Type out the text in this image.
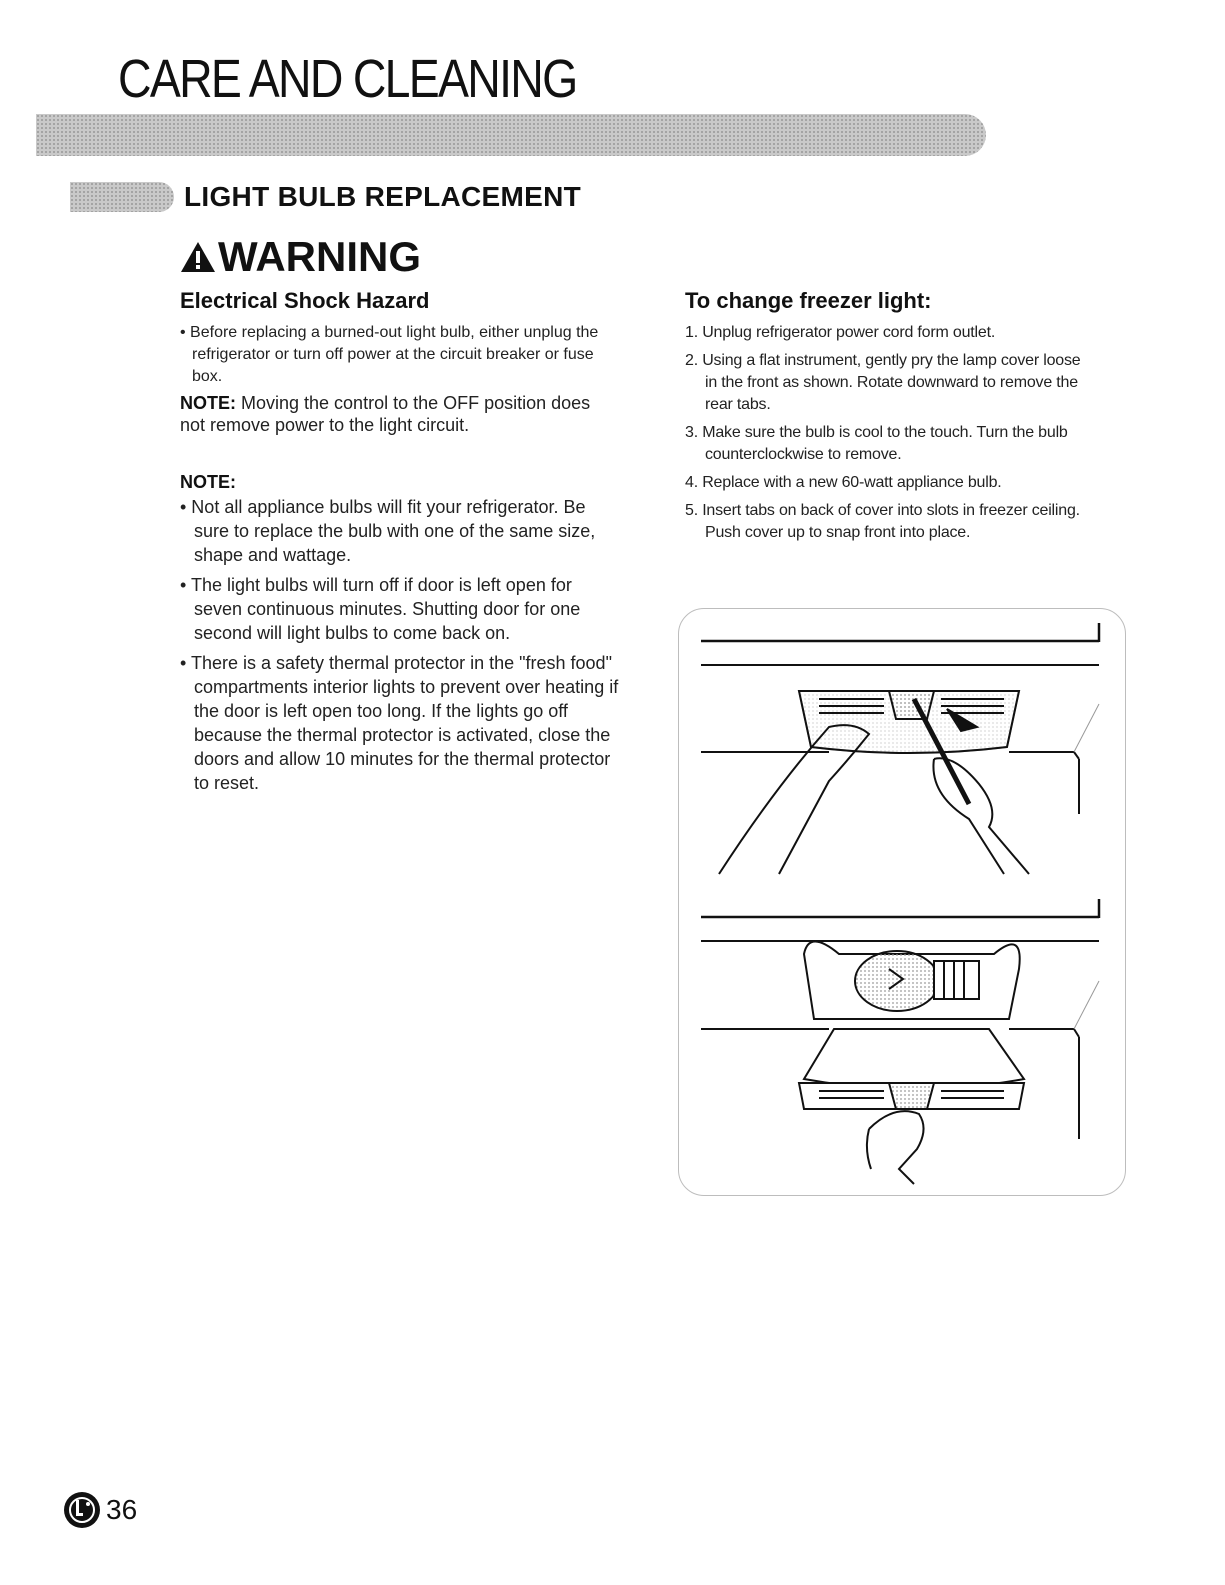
CARE AND CLEANING
LIGHT BULB REPLACEMENT
WARNING
Electrical Shock Hazard

• Before replacing a burned-out light bulb, either unplug the refrigerator or turn off power at the circuit breaker or fuse box.

NOTE: Moving the control to the OFF position does not remove power to the light circuit.

NOTE:

• Not all appliance bulbs will fit your refrigerator. Be sure to replace the bulb with one of the same size, shape and wattage.

• The light bulbs will turn off if door is left open for seven continuous minutes. Shutting door for one second will light bulbs to come back on.

• There is a safety thermal protector in the "fresh food" compartments interior lights to prevent over heating if the door is left open too long. If the lights go off because the thermal protector is activated, close the doors and allow 10 minutes for the thermal protector to reset.

To change freezer light:

1. Unplug refrigerator power cord form outlet.

2. Using a flat instrument, gently pry the lamp cover loose in the front as shown. Rotate downward to remove the rear tabs.

3. Make sure the bulb is cool to the touch. Turn the bulb counterclockwise to remove.

4. Replace with a new 60-watt appliance bulb.

5. Insert tabs on back of cover into slots in freezer ceiling.

Push cover up to snap front into place.

36
